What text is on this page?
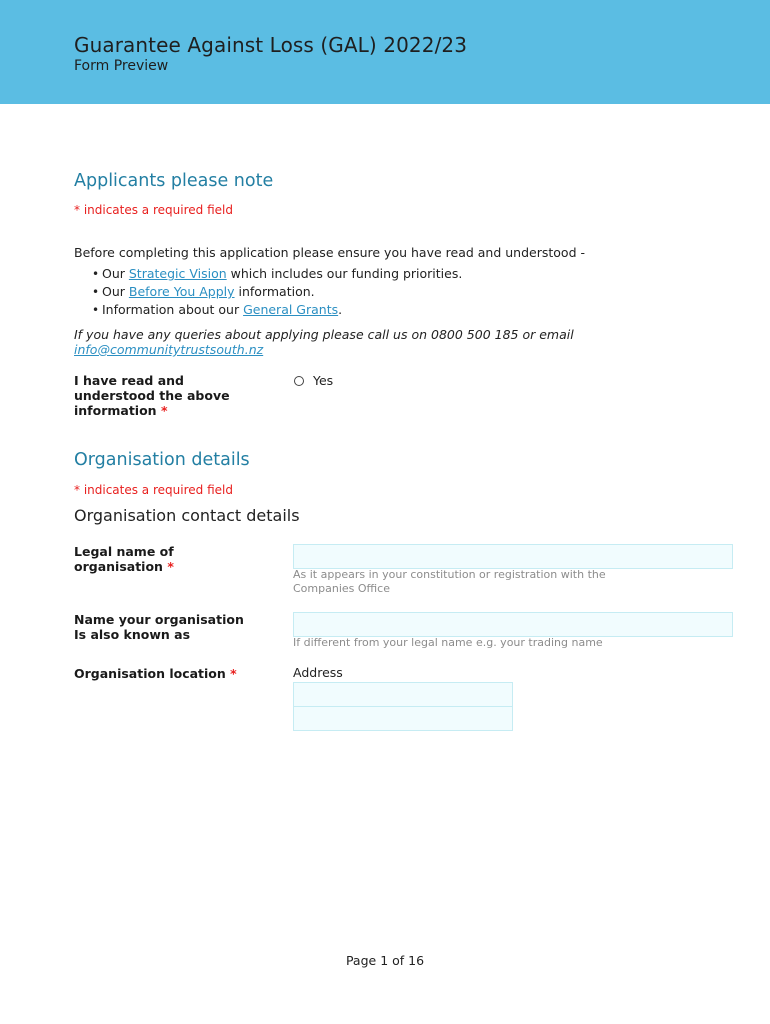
Guarantee Against Loss (GAL) 2022/23
Form Preview
Applicants please note
* indicates a required field
Before completing this application please ensure you have read and understood -
• Our Strategic Vision which includes our funding priorities.
• Our Before You Apply information.
• Information about our General Grants.
If you have any queries about applying please call us on 0800 500 185 or email
info@communitytrustsouth.nz
I have read and
understood the above
information *
Yes
Organisation details
* indicates a required field
Organisation contact details
Legal name of
organisation *
As it appears in your constitution or registration with the Companies Office
Name your organisation
Is also known as
If different from your legal name e.g. your trading name
Organisation location *	Address
Page 1 of 16
